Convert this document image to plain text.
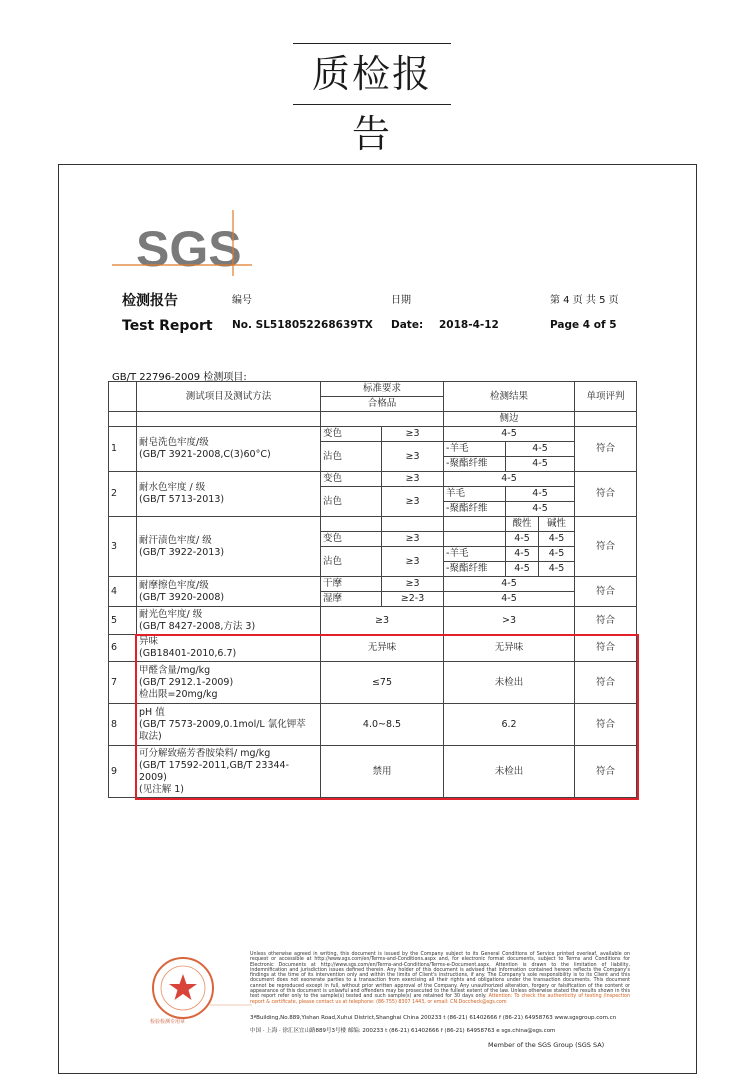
质检报告
SGS
检测报告
Test Report
编号
No. SL518052268639TX
日期
Date: 2018-4-12
第 4 页 共 5 页
Page 4 of 5
GB/T 22796-2009 检测项目:
	测试项目及测试方法	标准要求		检测结果			单项评判
		合格品					
				侧边			
1	耐皂洗色牢度/级
(GB/T 3921-2008,C(3)60°C)	变色	≥3	4-5			符合
		沾色	≥3	-羊毛	4-5		
				-聚酯纤维	4-5		
2	耐水色牢度 / 级
(GB/T 5713-2013)	变色	≥3	4-5			符合
		沾色	≥3	羊毛	4-5		
				-聚酯纤维	4-5		
3	耐汗渍色牢度/ 级
(GB/T 3922-2013)				酸性	碱性	符合
		变色	≥3		4-5	4-5	
		沾色	≥3	-羊毛	4-5	4-5	
				-聚酯纤维	4-5	4-5	
4	耐摩擦色牢度/级
(GB/T 3920-2008)	干摩	≥3	4-5			符合
		湿摩	≥2-3	4-5			
5	耐光色牢度/ 级
(GB/T 8427-2008,方法 3)	≥3		>3			符合
6	异味
(GB18401-2010,6.7)	无异味		无异味			符合
7	甲醛含量/mg/kg
(GB/T 2912.1-2009)
检出限=20mg/kg	≤75		未检出			符合
8	pH 值
(GB/T 7573-2009,0.1mol/L 氯化钾萃
取法)	4.0~8.5		6.2			符合
9	可分解致癌芳香胺染料/ mg/kg
(GB/T 17592-2011,GB/T 23344-
2009)
(见注解 1)	禁用		未检出			符合
检验检测专用章
Unless otherwise agreed in writing, this document is issued by the Company subject to its General Conditions of Service printed overleaf, available on request or accessible at http://www.sgs.com/en/Terms-and-Conditions.aspx and, for electronic format documents, subject to Terms and Conditions for Electronic Documents at http://www.sgs.com/en/Terms-and-Conditions/Terms-e-Document.aspx. Attention is drawn to the limitation of liability, indemnification and jurisdiction issues defined therein. Any holder of this document is advised that information contained hereon reflects the Company's findings at the time of its intervention only and within the limits of Client's instructions, if any. The Company's sole responsibility is to its Client and this document does not exonerate parties to a transaction from exercising all their rights and obligations under the transaction documents. This document cannot be reproduced except in full, without prior written approval of the Company. Any unauthorized alteration, forgery or falsification of the content or appearance of this document is unlawful and offenders may be prosecuted to the fullest extent of the law. Unless otherwise stated the results shown in this test report refer only to the sample(s) tested and such sample(s) are retained for 30 days only. Attention: To check the authenticity of testing /inspection report & certificate, please contact us at telephone: (86-755) 8307 1443, or email: CN.Doccheck@sgs.com
3ªBuilding,No.889,Yishan Road,Xuhui District,Shanghai China 200233 t (86-21) 61402666 f (86-21) 64958763 www.sgsgroup.com.cn
中国 · 上海 · 徐汇区宜山路889号3号楼 邮编: 200233 t (86-21) 61402666 f (86-21) 64958763 e sgs.china@sgs.com
Member of the SGS Group (SGS SA)
